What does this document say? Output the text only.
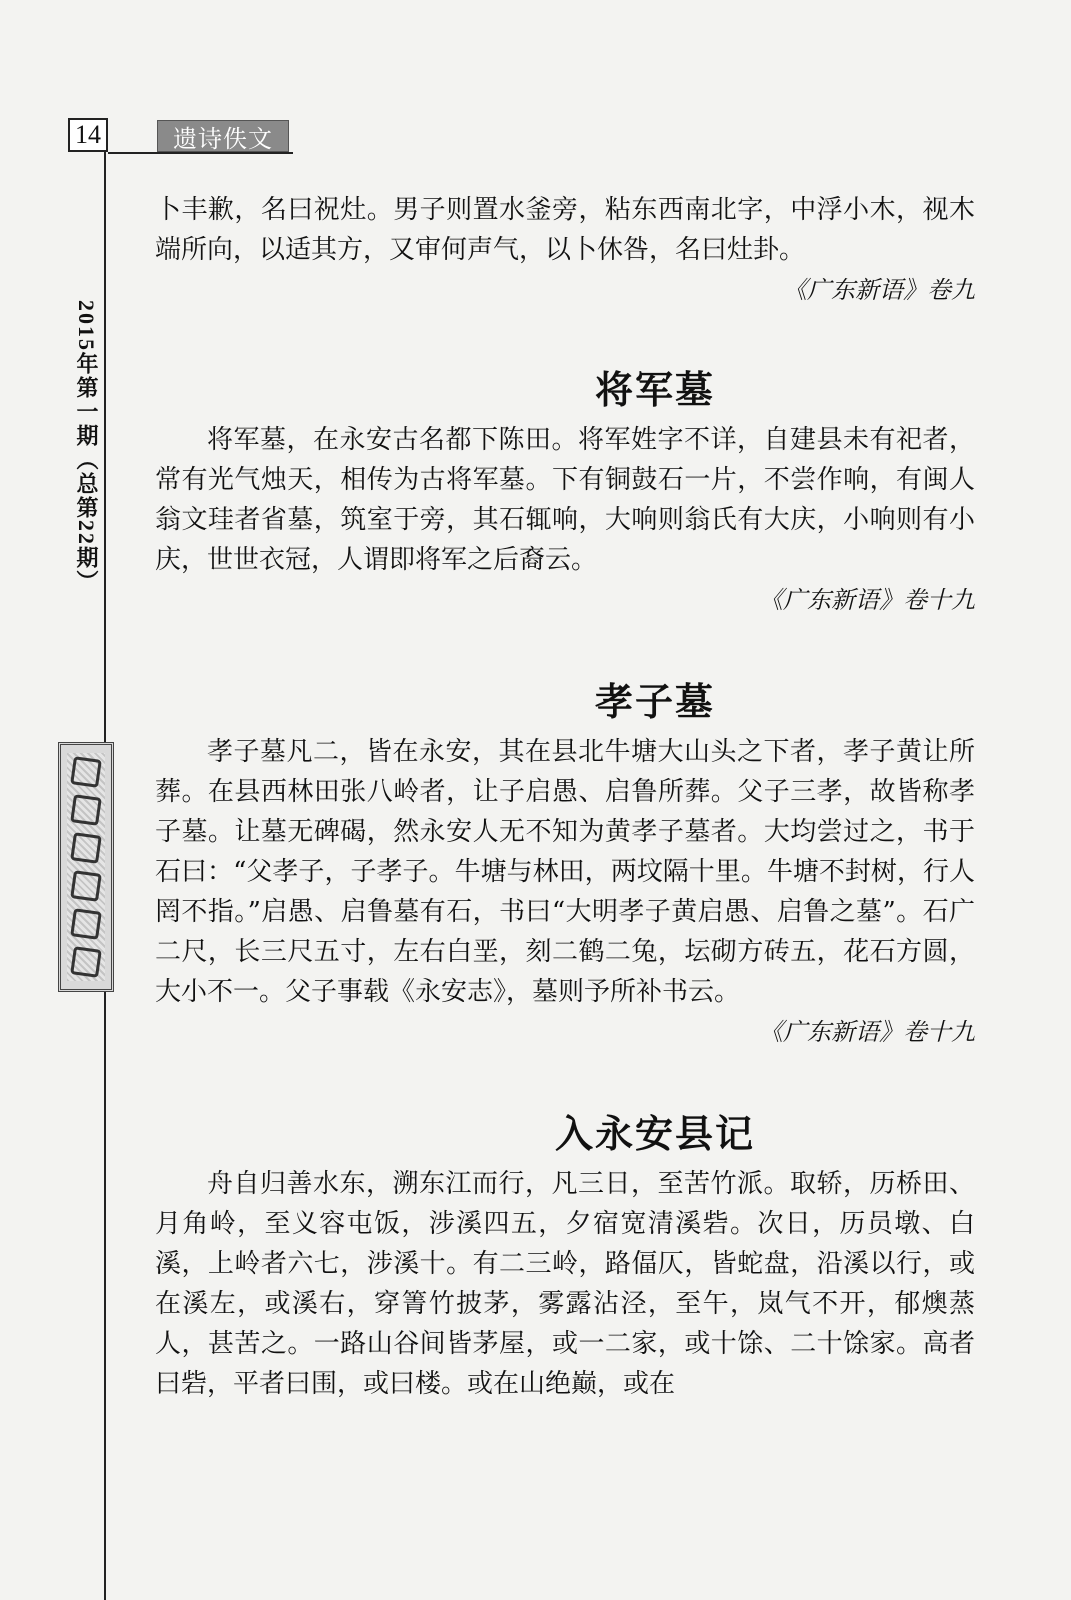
14	遗诗佚文
2015年第一期（总第22期）

卜丰歉，名曰祝灶。男子则置水釜旁，粘东西南北字，中浮小木，视木端所向，以适其方，又审何声气，以卜休咎，名曰灶卦。

《广东新语》卷九
将军墓

将军墓，在永安古名都下陈田。将军姓字不详，自建县未有祀者，常有光气烛天，相传为古将军墓。下有铜鼓石一片，不尝作响，有闽人翁文珪者省墓，筑室于旁，其石辄响，大响则翁氏有大庆，小响则有小庆，世世衣冠，人谓即将军之后裔云。

《广东新语》卷十九
孝子墓

孝子墓凡二，皆在永安，其在县北牛塘大山头之下者，孝子黄让所葬。在县西林田张八岭者，让子启愚、启鲁所葬。父子三孝，故皆称孝子墓。让墓无碑碣，然永安人无不知为黄孝子墓者。大均尝过之，书于石曰：“父孝子，子孝子。牛塘与林田，两坟隔十里。牛塘不封树，行人罔不指。”启愚、启鲁墓有石，书曰“大明孝子黄启愚、启鲁之墓”。石广二尺，长三尺五寸，左右白垩，刻二鹤二兔，坛砌方砖五，花石方圆，大小不一。父子事载《永安志》，墓则予所补书云。

《广东新语》卷十九
入永安县记

舟自归善水东，溯东江而行，凡三日，至苦竹派。取轿，历桥田、月角岭，至义容屯饭，涉溪四五，夕宿宽清溪砦。次日，历员墩、白溪，上岭者六七，涉溪十。有二三岭，路偪仄，皆蛇盘，沿溪以行，或在溪左，或溪右，穿箐竹披茅，雾露沾泾，至午，岚气不开，郁燠蒸人，甚苦之。一路山谷间皆茅屋，或一二家，或十馀、二十馀家。高者曰砦，平者曰围，或曰楼。或在山绝巅，或在
